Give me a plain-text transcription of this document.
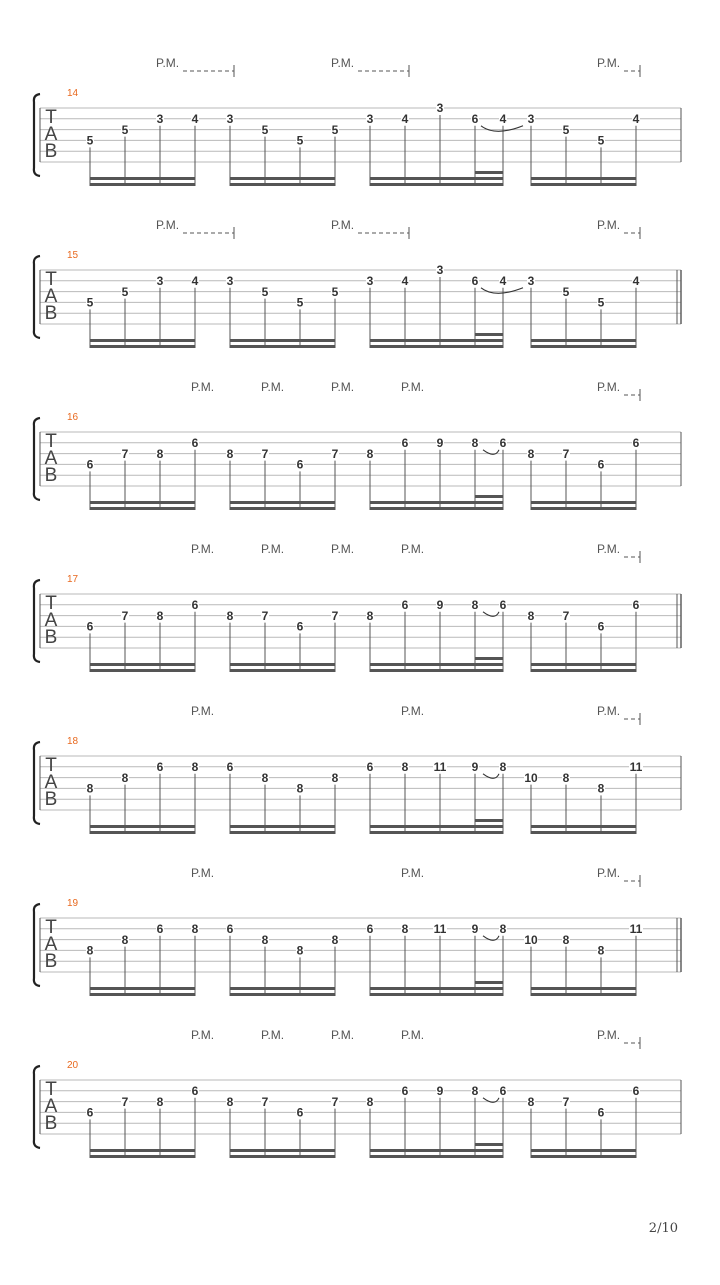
T
A
B
14
5
5
3 4 3
5
5
5
3 4
3
6 4 3
5
5
4
P.M.	P.M.	P.M.
T
A
B
15
5
5
3 4 3
5
5
5
3 4
3
6 4 3
5
5
4
P.M.	P.M.	P.M.
T
A
B
16
6
7 8
6
8 7
6
7 8
6 9 8 6
8 7
6
6
P.M.	P.M.	P.M.	P.M.	P.M.
T
A
B
17
6
7 8
6
8 7
6
7 8
6 9 8 6
8 7
6
6
P.M.	P.M.	P.M.	P.M.	P.M.
T
A
B
18
8
8
6 8 6
8
8
8
6 8 11 9 8
10 8
8
11
P.M.	P.M.	P.M.
T
A
B
19
8
8
6 8 6
8
8
8
6 8 11 9 8
10 8
8
11
P.M.	P.M.	P.M.
T
A
B
20
6
7 8
6
8 7
6
7 8
6 9 8 6
8 7
6
6
P.M.	P.M.	P.M.	P.M.	P.M.
2/10
